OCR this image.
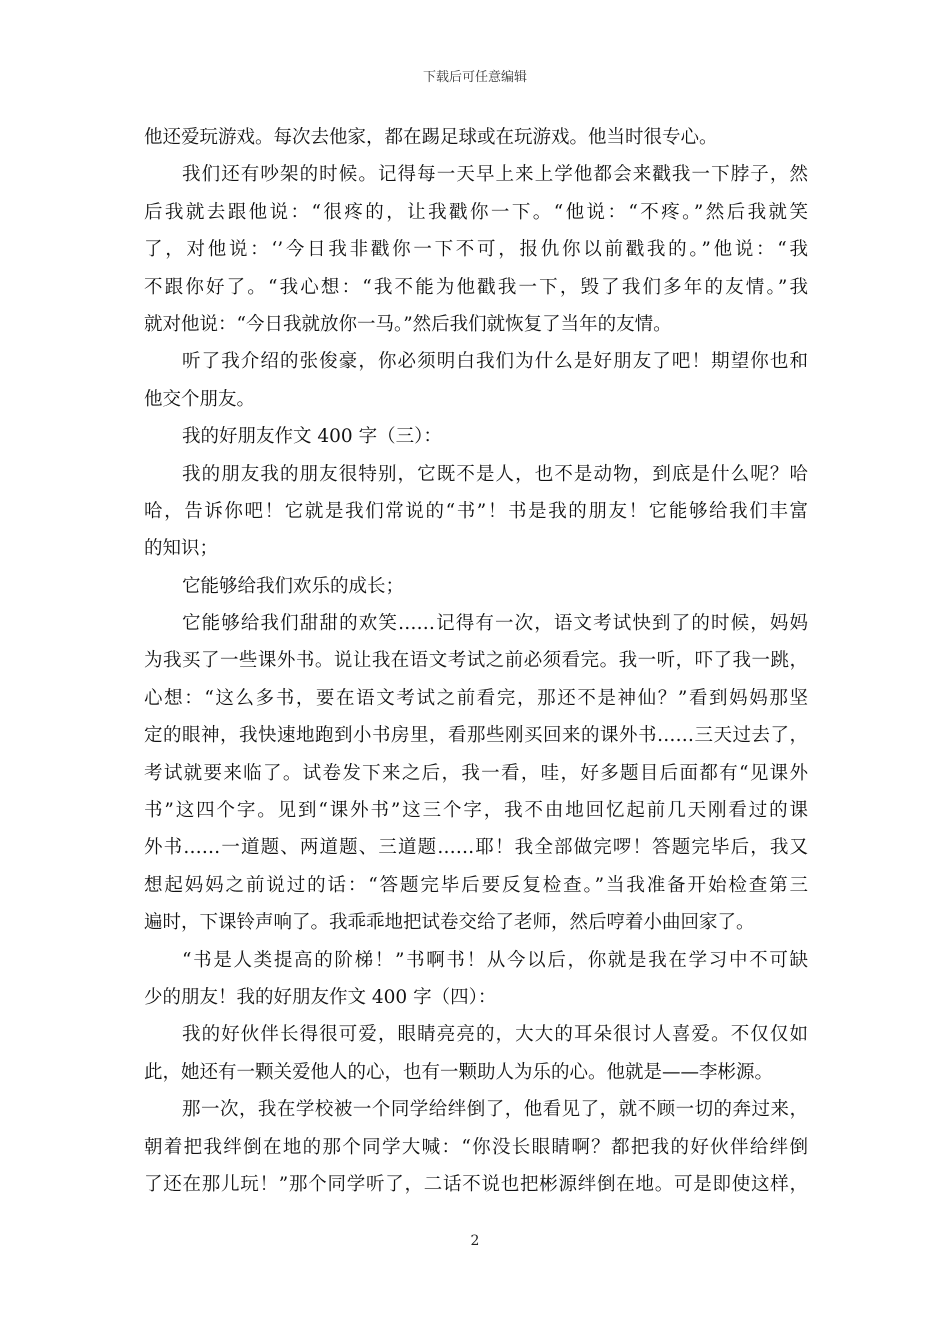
下载后可任意编辑
他还爱玩游戏。每次去他家，都在踢足球或在玩游戏。他当时很专心。
我们还有吵架的时候。记得每一天早上来上学他都会来戳我一下脖子，然
后我就去跟他说：“很疼的，让我戳你一下。“他说：“不疼。”然后我就笑
了，对他说：‘’今日我非戳你一下不可，报仇你以前戳我的。”他说：“我
不跟你好了。“我心想：“我不能为他戳我一下，毁了我们多年的友情。”我
就对他说：“今日我就放你一马。”然后我们就恢复了当年的友情。
听了我介绍的张俊豪，你必须明白我们为什么是好朋友了吧！期望你也和
他交个朋友。
我的好朋友作文 400 字（三）：
我的朋友我的朋友很特别，它既不是人，也不是动物，到底是什么呢？哈
哈，告诉你吧！它就是我们常说的“书”！书是我的朋友！它能够给我们丰富
的知识；
它能够给我们欢乐的成长；
它能够给我们甜甜的欢笑……记得有一次，语文考试快到了的时候，妈妈
为我买了一些课外书。说让我在语文考试之前必须看完。我一听，吓了我一跳，
心想：“这么多书，要在语文考试之前看完，那还不是神仙？”看到妈妈那坚
定的眼神，我快速地跑到小书房里，看那些刚买回来的课外书……三天过去了，
考试就要来临了。试卷发下来之后，我一看，哇，好多题目后面都有“见课外
书”这四个字。见到“课外书”这三个字，我不由地回忆起前几天刚看过的课
外书……一道题、两道题、三道题……耶！我全部做完啰！答题完毕后，我又
想起妈妈之前说过的话：“答题完毕后要反复检查。”当我准备开始检查第三
遍时，下课铃声响了。我乖乖地把试卷交给了老师，然后哼着小曲回家了。
“书是人类提高的阶梯！”书啊书！从今以后，你就是我在学习中不可缺
少的朋友！我的好朋友作文 400 字（四）：
我的好伙伴长得很可爱，眼睛亮亮的，大大的耳朵很讨人喜爱。不仅仅如
此，她还有一颗关爱他人的心，也有一颗助人为乐的心。他就是——李彬源。
那一次，我在学校被一个同学给绊倒了，他看见了，就不顾一切的奔过来，
朝着把我绊倒在地的那个同学大喊：“你没长眼睛啊？都把我的好伙伴给绊倒
了还在那儿玩！”那个同学听了，二话不说也把彬源绊倒在地。可是即使这样，
2
